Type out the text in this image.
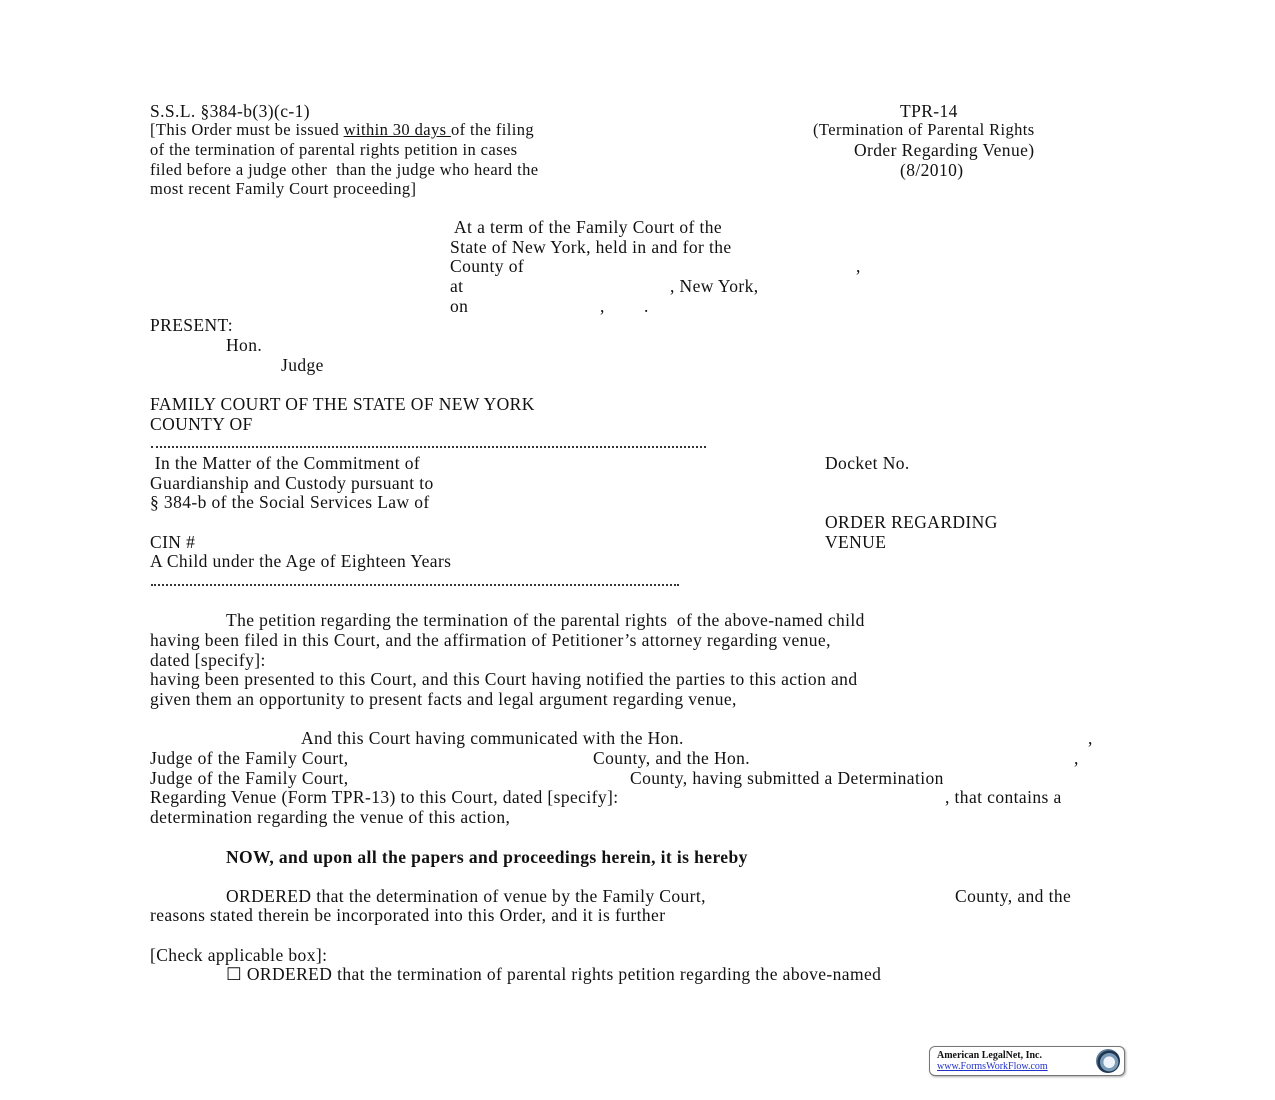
S.S.L. §384-b(3)(c-1)
[This Order must be issued within 30 days of the filing
of the termination of parental rights petition in cases
filed before a judge other  than the judge who heard the
most recent Family Court proceeding]
TPR-14
(Termination of Parental Rights
Order Regarding Venue)
(8/2010)
At a term of the Family Court of the
State of New York, held in and for the
County of	,
at	, New York,
on	, .
PRESENT:
Hon.
Judge
FAMILY COURT OF THE STATE OF NEW YORK
COUNTY OF
In the Matter of the Commitment of
Guardianship and Custody pursuant to
§ 384-b of the Social Services Law of
CIN #
A Child under the Age of Eighteen Years
Docket No.
ORDER REGARDING
VENUE
The petition regarding the termination of the parental rights  of the above-named child
having been filed in this Court, and the affirmation of Petitioner’s attorney regarding venue,
dated [specify]:
having been presented to this Court, and this Court having notified the parties to this action and
given them an opportunity to present facts and legal argument regarding venue,
And this Court having communicated with the Hon.	,
Judge of the Family Court,	County, and the Hon.	,
Judge of the Family Court,	County, having submitted a Determination
Regarding Venue (Form TPR-13) to this Court, dated [specify]:	, that contains a
determination regarding the venue of this action,
NOW, and upon all the papers and proceedings herein, it is hereby
ORDERED that the determination of venue by the Family Court,	County, and the
reasons stated therein be incorporated into this Order, and it is further
[Check applicable box]:
☐ ORDERED that the termination of parental rights petition regarding the above-named
American LegalNet, Inc.
www.FormsWorkFlow.com
